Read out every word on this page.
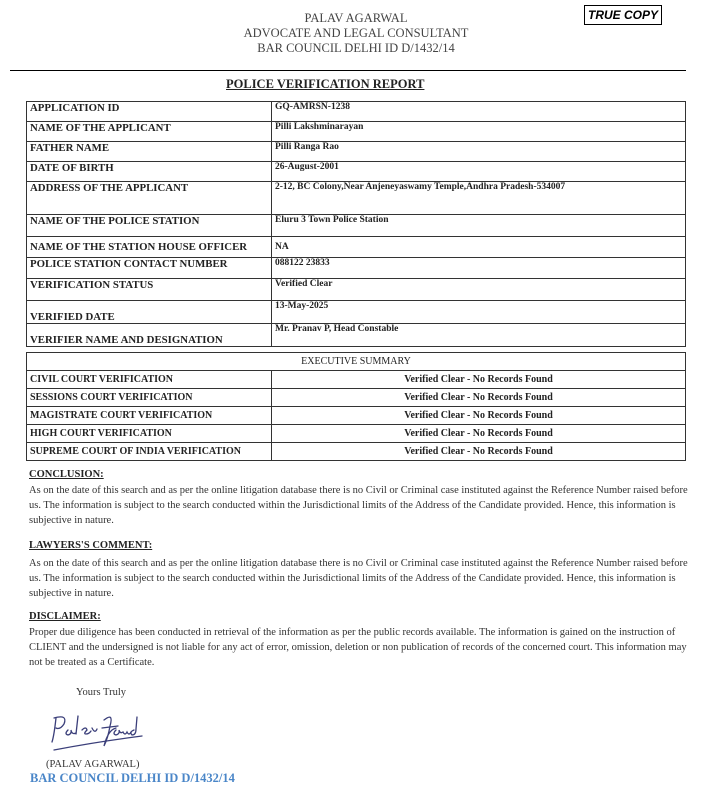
PALAV AGARWAL
ADVOCATE AND LEGAL CONSULTANT
BAR COUNCIL DELHI ID D/1432/14
TRUE COPY
POLICE VERIFICATION REPORT
APPLICATION ID	GQ-AMRSN-1238
NAME OF THE APPLICANT	Pilli Lakshminarayan
FATHER NAME	Pilli Ranga Rao
DATE OF BIRTH	26-August-2001
ADDRESS OF THE APPLICANT	2-12, BC Colony,Near Anjeneyaswamy Temple,Andhra Pradesh-534007
NAME OF THE POLICE STATION	Eluru 3 Town Police Station
NAME OF THE STATION HOUSE OFFICER	NA
POLICE STATION CONTACT NUMBER	088122 23833
VERIFICATION STATUS	Verified Clear
VERIFIED DATE	13-May-2025
VERIFIER NAME AND DESIGNATION	Mr. Pranav P, Head Constable
EXECUTIVE SUMMARY	
CIVIL COURT VERIFICATION	Verified Clear - No Records Found
SESSIONS COURT VERIFICATION	Verified Clear - No Records Found
MAGISTRATE COURT VERIFICATION	Verified Clear - No Records Found
HIGH COURT VERIFICATION	Verified Clear - No Records Found
SUPREME COURT OF INDIA VERIFICATION	Verified Clear - No Records Found
CONCLUSION:
As on the date of this search and as per the online litigation database there is no Civil or Criminal case instituted against the Reference Number raised before us. The information is subject to the search conducted within the Jurisdictional limits of the Address of the Candidate provided. Hence, this information is subjective in nature.
LAWYERS'S COMMENT:
As on the date of this search and as per the online litigation database there is no Civil or Criminal case instituted against the Reference Number raised before us. The information is subject to the search conducted within the Jurisdictional limits of the Address of the Candidate provided. Hence, this information is subjective in nature.
DISCLAIMER:
Proper due diligence has been conducted in retrieval of the information as per the public records available. The information is gained on the instruction of CLIENT and the undersigned is not liable for any act of error, omission, deletion or non publication of records of the concerned court. This information may not be treated as a Certificate.
Yours Truly
(PALAV AGARWAL)
BAR COUNCIL DELHI ID D/1432/14
